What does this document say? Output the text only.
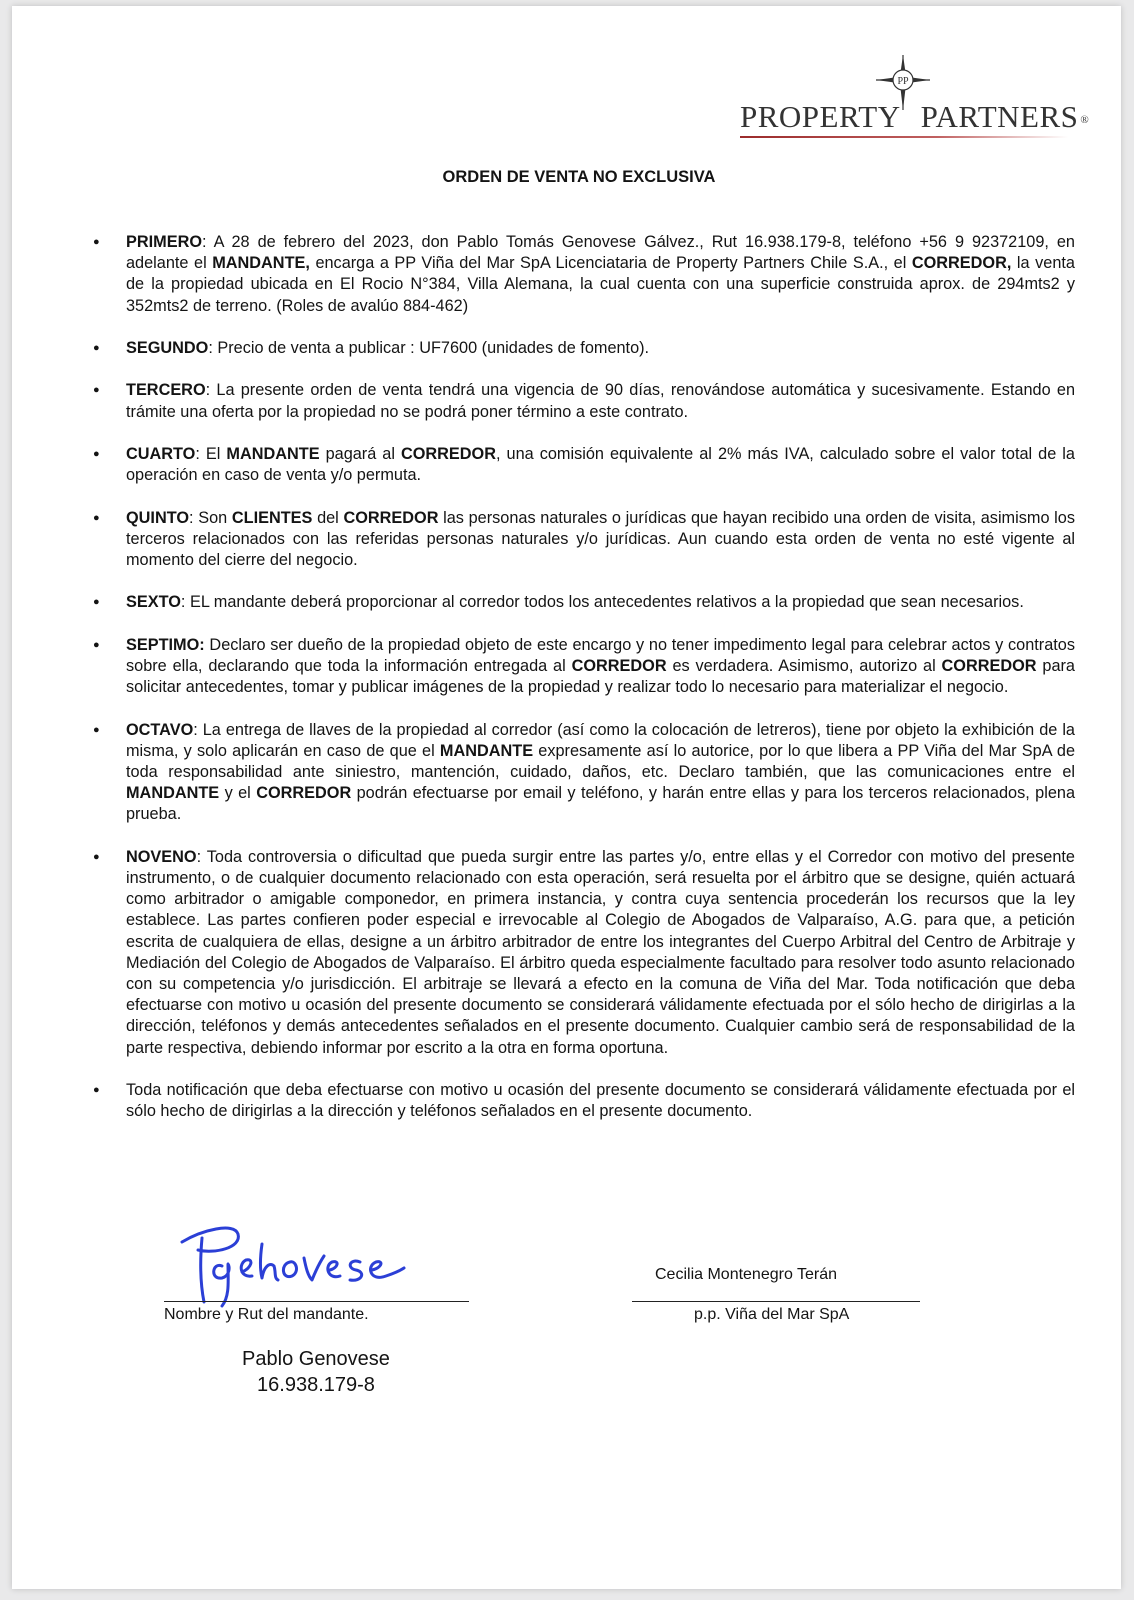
PP
PROPERTY PARTNERS ®
ORDEN DE VENTA NO EXCLUSIVA
● PRIMERO: A 28 de febrero del 2023, don Pablo Tomás Genovese Gálvez., Rut 16.938.179-8, teléfono +56 9 92372109, en adelante el MANDANTE, encarga a PP Viña del Mar SpA Licenciataria de Property Partners Chile S.A., el CORREDOR, la venta de la propiedad ubicada en El Rocio N°384, Villa Alemana, la cual cuenta con una superficie construida aprox. de 294mts2 y 352mts2 de terreno. (Roles de avalúo 884-462)
● SEGUNDO: Precio de venta a publicar : UF7600 (unidades de fomento).
● TERCERO: La presente orden de venta tendrá una vigencia de 90 días, renovándose automática y sucesivamente. Estando en trámite una oferta por la propiedad no se podrá poner término a este contrato.
● CUARTO: El MANDANTE pagará al CORREDOR, una comisión equivalente al 2% más IVA, calculado sobre el valor total de la operación en caso de venta y/o permuta.
● QUINTO: Son CLIENTES del CORREDOR las personas naturales o jurídicas que hayan recibido una orden de visita, asimismo los terceros relacionados con las referidas personas naturales y/o jurídicas. Aun cuando esta orden de venta no esté vigente al momento del cierre del negocio.
● SEXTO: EL mandante deberá proporcionar al corredor todos los antecedentes relativos a la propiedad que sean necesarios.
● SEPTIMO: Declaro ser dueño de la propiedad objeto de este encargo y no tener impedimento legal para celebrar actos y contratos sobre ella, declarando que toda la información entregada al CORREDOR es verdadera. Asimismo, autorizo al CORREDOR para solicitar antecedentes, tomar y publicar imágenes de la propiedad y realizar todo lo necesario para materializar el negocio.
● OCTAVO: La entrega de llaves de la propiedad al corredor (así como la colocación de letreros), tiene por objeto la exhibición de la misma, y solo aplicarán en caso de que el MANDANTE expresamente así lo autorice, por lo que libera a PP Viña del Mar SpA de toda responsabilidad ante siniestro, mantención, cuidado, daños, etc. Declaro también, que las comunicaciones entre el MANDANTE y el CORREDOR podrán efectuarse por email y teléfono, y harán entre ellas y para los terceros relacionados, plena prueba.
● NOVENO: Toda controversia o dificultad que pueda surgir entre las partes y/o, entre ellas y el Corredor con motivo del presente instrumento, o de cualquier documento relacionado con esta operación, será resuelta por el árbitro que se designe, quién actuará como arbitrador o amigable componedor, en primera instancia, y contra cuya sentencia procederán los recursos que la ley establece. Las partes confieren poder especial e irrevocable al Colegio de Abogados de Valparaíso, A.G. para que, a petición escrita de cualquiera de ellas, designe a un árbitro arbitrador de entre los integrantes del Cuerpo Arbitral del Centro de Arbitraje y Mediación del Colegio de Abogados de Valparaíso. El árbitro queda especialmente facultado para resolver todo asunto relacionado con su competencia y/o jurisdicción. El arbitraje se llevará a efecto en la comuna de Viña del Mar. Toda notificación que deba efectuarse con motivo u ocasión del presente documento se considerará válidamente efectuada por el sólo hecho de dirigirlas a la dirección, teléfonos y demás antecedentes señalados en el presente documento. Cualquier cambio será de responsabilidad de la parte respectiva, debiendo informar por escrito a la otra en forma oportuna.
● Toda notificación que deba efectuarse con motivo u ocasión del presente documento se considerará válidamente efectuada por el sólo hecho de dirigirlas a la dirección y teléfonos señalados en el presente documento.
Nombre y Rut del mandante.
Pablo Genovese
16.938.179-8
Cecilia Montenegro Terán
p.p. Viña del Mar SpA
